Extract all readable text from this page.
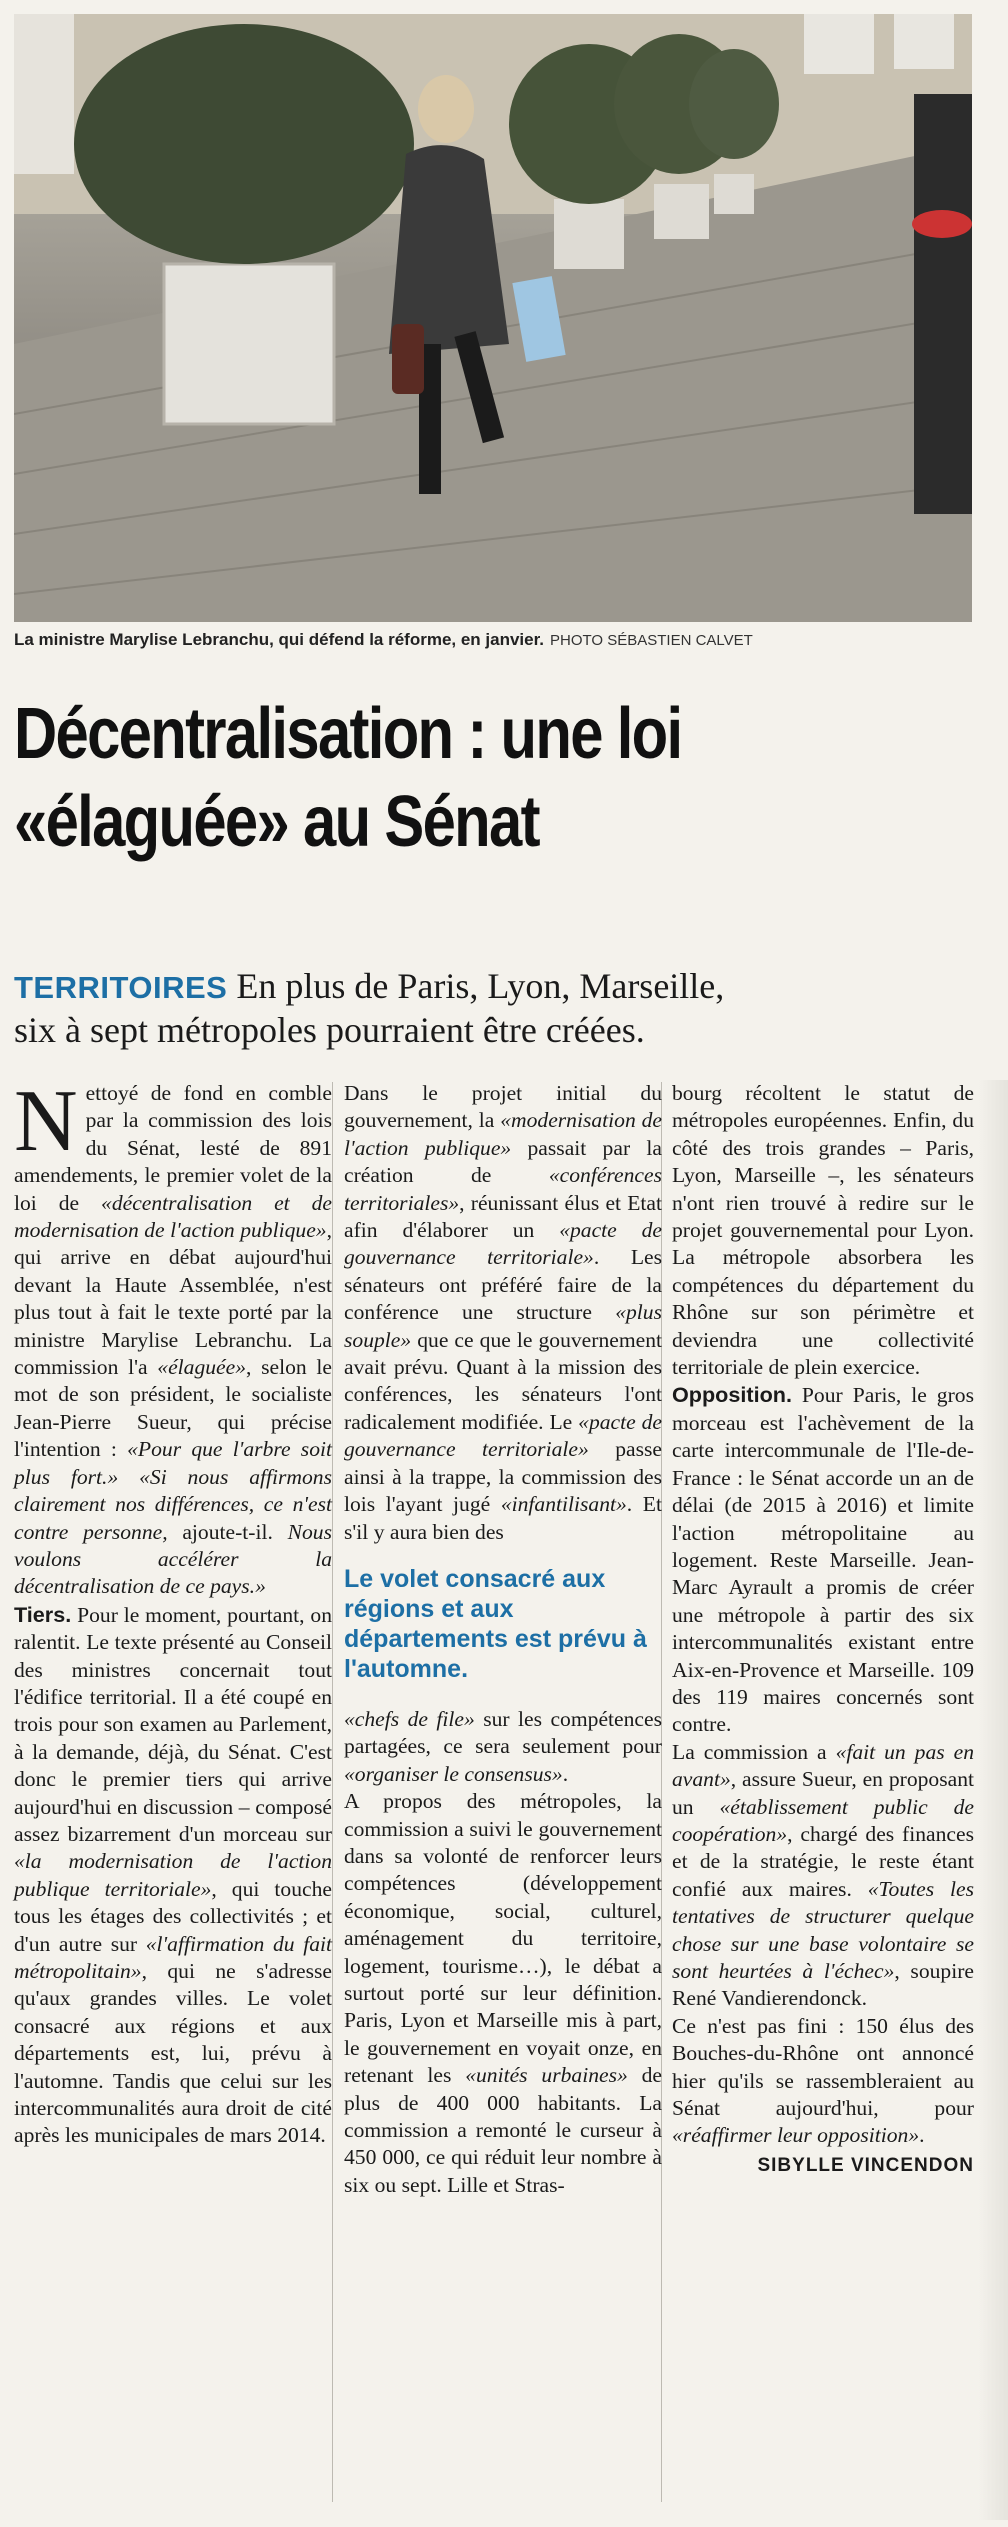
La ministre Marylise Lebranchu, qui défend la réforme, en janvier. PHOTO SÉBASTIEN CALVET
Décentralisation : une loi
«élaguée» au Sénat
TERRITOIRES En plus de Paris, Lyon, Marseille,
six à sept métropoles pourraient être créées.

Nettoyé de fond en comble par la commission des lois du Sénat, lesté de 891 amendements, le premier volet de la loi de «décentralisation et de modernisation de l'action publique», qui arrive en débat aujourd'hui devant la Haute Assemblée, n'est plus tout à fait le texte porté par la ministre Marylise Lebranchu. La commission l'a «élaguée», selon le mot de son président, le socialiste Jean-Pierre Sueur, qui précise l'intention : «Pour que l'arbre soit plus fort.» «Si nous affirmons clairement nos différences, ce n'est contre personne, ajoute-t-il. Nous voulons accélérer la décentralisation de ce pays.»

Tiers. Pour le moment, pourtant, on ralentit. Le texte présenté au Conseil des ministres concernait tout l'édifice territorial. Il a été coupé en trois pour son examen au Parlement, à la demande, déjà, du Sénat. C'est donc le premier tiers qui arrive aujourd'hui en discussion – composé assez bizarrement d'un morceau sur «la modernisation de l'action publique territoriale», qui touche tous les étages des collectivités ; et d'un autre sur «l'affirmation du fait métropolitain», qui ne s'adresse qu'aux grandes villes. Le volet consacré aux régions et aux départements est, lui, prévu à l'automne. Tandis que celui sur les intercommunalités aura droit de cité après les municipales de mars 2014.

Dans le projet initial du gouvernement, la «modernisation de l'action publique» passait par la création de «conférences territoriales», réunissant élus et Etat afin d'élaborer un «pacte de gouvernance territoriale». Les sénateurs ont préféré faire de la conférence une structure «plus souple» que ce que le gouvernement avait prévu. Quant à la mission des conférences, les sénateurs l'ont radicalement modifiée. Le «pacte de gouvernance territoriale» passe ainsi à la trappe, la commission des lois l'ayant jugé «infantilisant». Et s'il y aura bien des

Le volet consacré aux régions et aux départements est prévu à l'automne.

«chefs de file» sur les compétences partagées, ce sera seulement pour «organiser le consensus».

A propos des métropoles, la commission a suivi le gouvernement dans sa volonté de renforcer leurs compétences (développement économique, social, culturel, aménagement du territoire, logement, tourisme…), le débat a surtout porté sur leur définition. Paris, Lyon et Marseille mis à part, le gouvernement en voyait onze, en retenant les «unités urbaines» de plus de 400 000 habitants. La commission a remonté le curseur à 450 000, ce qui réduit leur nombre à six ou sept. Lille et Stras-

bourg récoltent le statut de métropoles européennes. Enfin, du côté des trois grandes – Paris, Lyon, Marseille –, les sénateurs n'ont rien trouvé à redire sur le projet gouvernemental pour Lyon. La métropole absorbera les compétences du département du Rhône sur son périmètre et deviendra une collectivité territoriale de plein exercice.

Opposition. Pour Paris, le gros morceau est l'achèvement de la carte intercommunale de l'Ile-de-France : le Sénat accorde un an de délai (de 2015 à 2016) et limite l'action métropolitaine au logement. Reste Marseille. Jean-Marc Ayrault a promis de créer une métropole à partir des six intercommunalités existant entre Aix-en-Provence et Marseille. 109 des 119 maires concernés sont contre.

La commission a «fait un pas en avant», assure Sueur, en proposant un «établissement public de coopération», chargé des finances et de la stratégie, le reste étant confié aux maires. «Toutes les tentatives de structurer quelque chose sur une base volontaire se sont heurtées à l'échec», soupire René Vandierendonck.

Ce n'est pas fini : 150 élus des Bouches-du-Rhône ont annoncé hier qu'ils se rassembleraient au Sénat aujourd'hui, pour «réaffirmer leur opposition».

SIBYLLE VINCENDON
